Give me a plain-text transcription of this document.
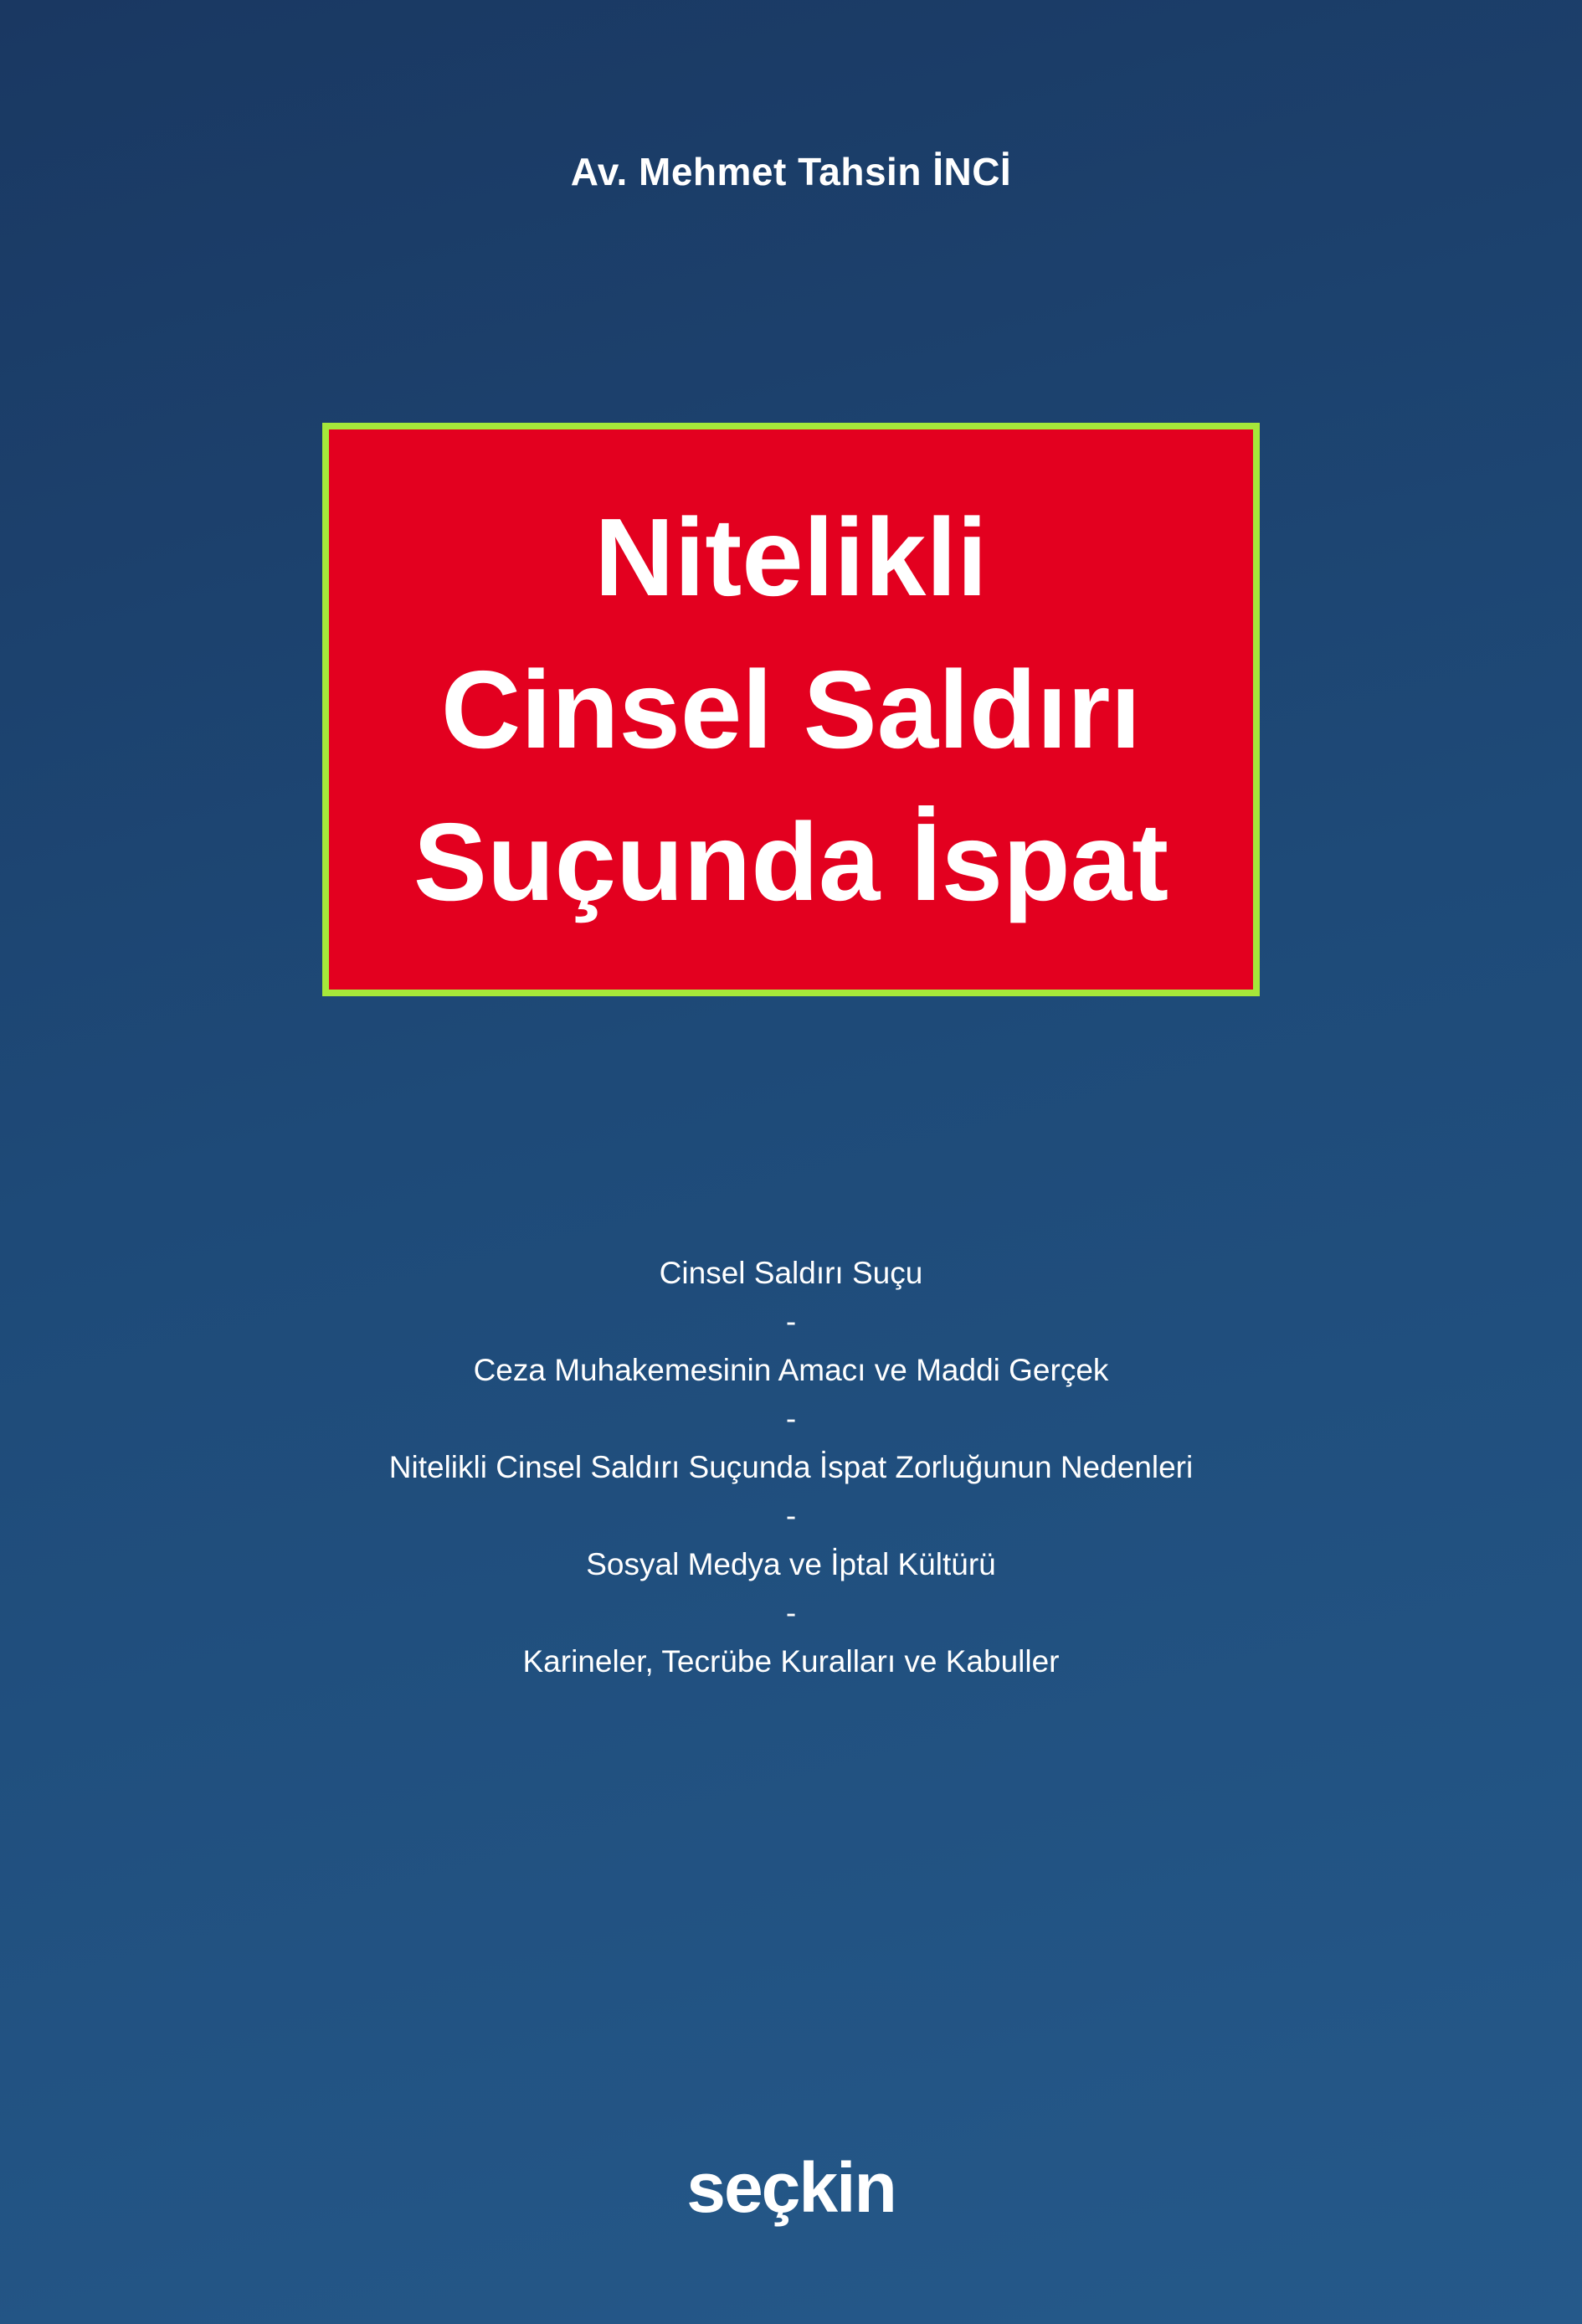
Av. Mehmet Tahsin İNCİ
Nitelikli
Cinsel Saldırı
Suçunda İspat
Cinsel Saldırı Suçu
-
Ceza Muhakemesinin Amacı ve Maddi Gerçek
-
Nitelikli Cinsel Saldırı Suçunda İspat Zorluğunun Nedenleri
-
Sosyal Medya ve İptal Kültürü
-
Karineler, Tecrübe Kuralları ve Kabuller
seçkin
